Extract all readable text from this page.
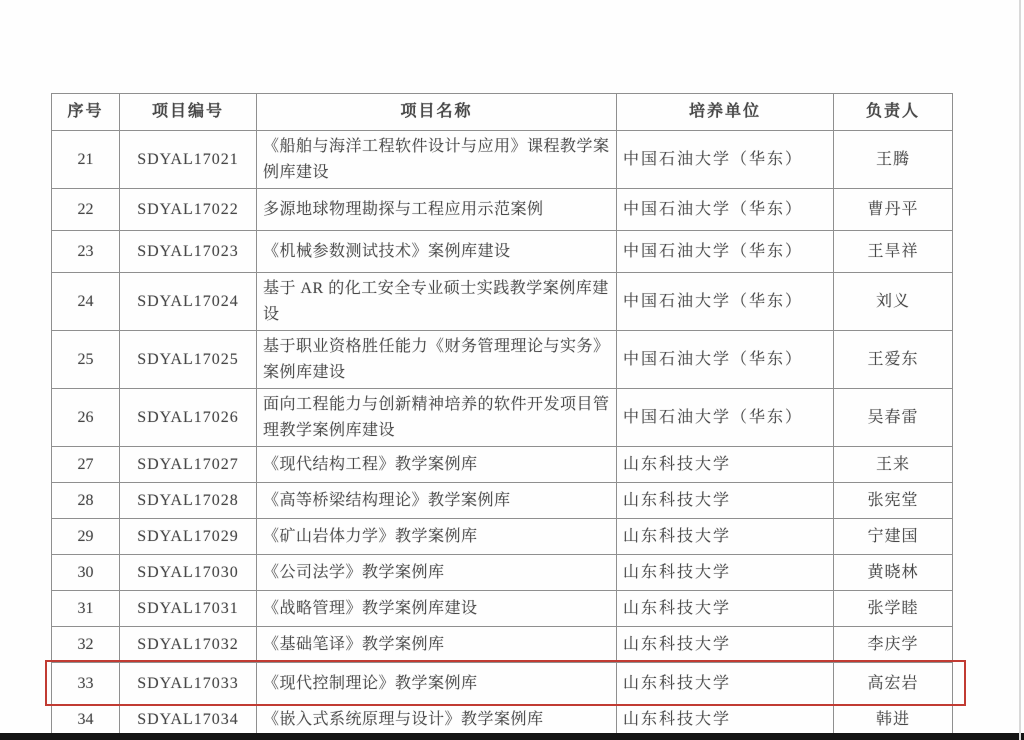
序号	项目编号	项目名称	培养单位	负责人
21	SDYAL17021	《船舶与海洋工程软件设计与应用》课程教学案例库建设	中国石油大学（华东）	王腾
22	SDYAL17022	多源地球物理勘探与工程应用示范案例	中国石油大学（华东）	曹丹平
23	SDYAL17023	《机械参数测试技术》案例库建设	中国石油大学（华东）	王旱祥
24	SDYAL17024	基于 AR 的化工安全专业硕士实践教学案例库建设	中国石油大学（华东）	刘义
25	SDYAL17025	基于职业资格胜任能力《财务管理理论与实务》案例库建设	中国石油大学（华东）	王爱东
26	SDYAL17026	面向工程能力与创新精神培养的软件开发项目管理教学案例库建设	中国石油大学（华东）	吴春雷
27	SDYAL17027	《现代结构工程》教学案例库	山东科技大学	王来
28	SDYAL17028	《高等桥梁结构理论》教学案例库	山东科技大学	张宪堂
29	SDYAL17029	《矿山岩体力学》教学案例库	山东科技大学	宁建国
30	SDYAL17030	《公司法学》教学案例库	山东科技大学	黄晓林
31	SDYAL17031	《战略管理》教学案例库建设	山东科技大学	张学睦
32	SDYAL17032	《基础笔译》教学案例库	山东科技大学	李庆学
33	SDYAL17033	《现代控制理论》教学案例库	山东科技大学	高宏岩
34	SDYAL17034	《嵌入式系统原理与设计》教学案例库	山东科技大学	韩进
